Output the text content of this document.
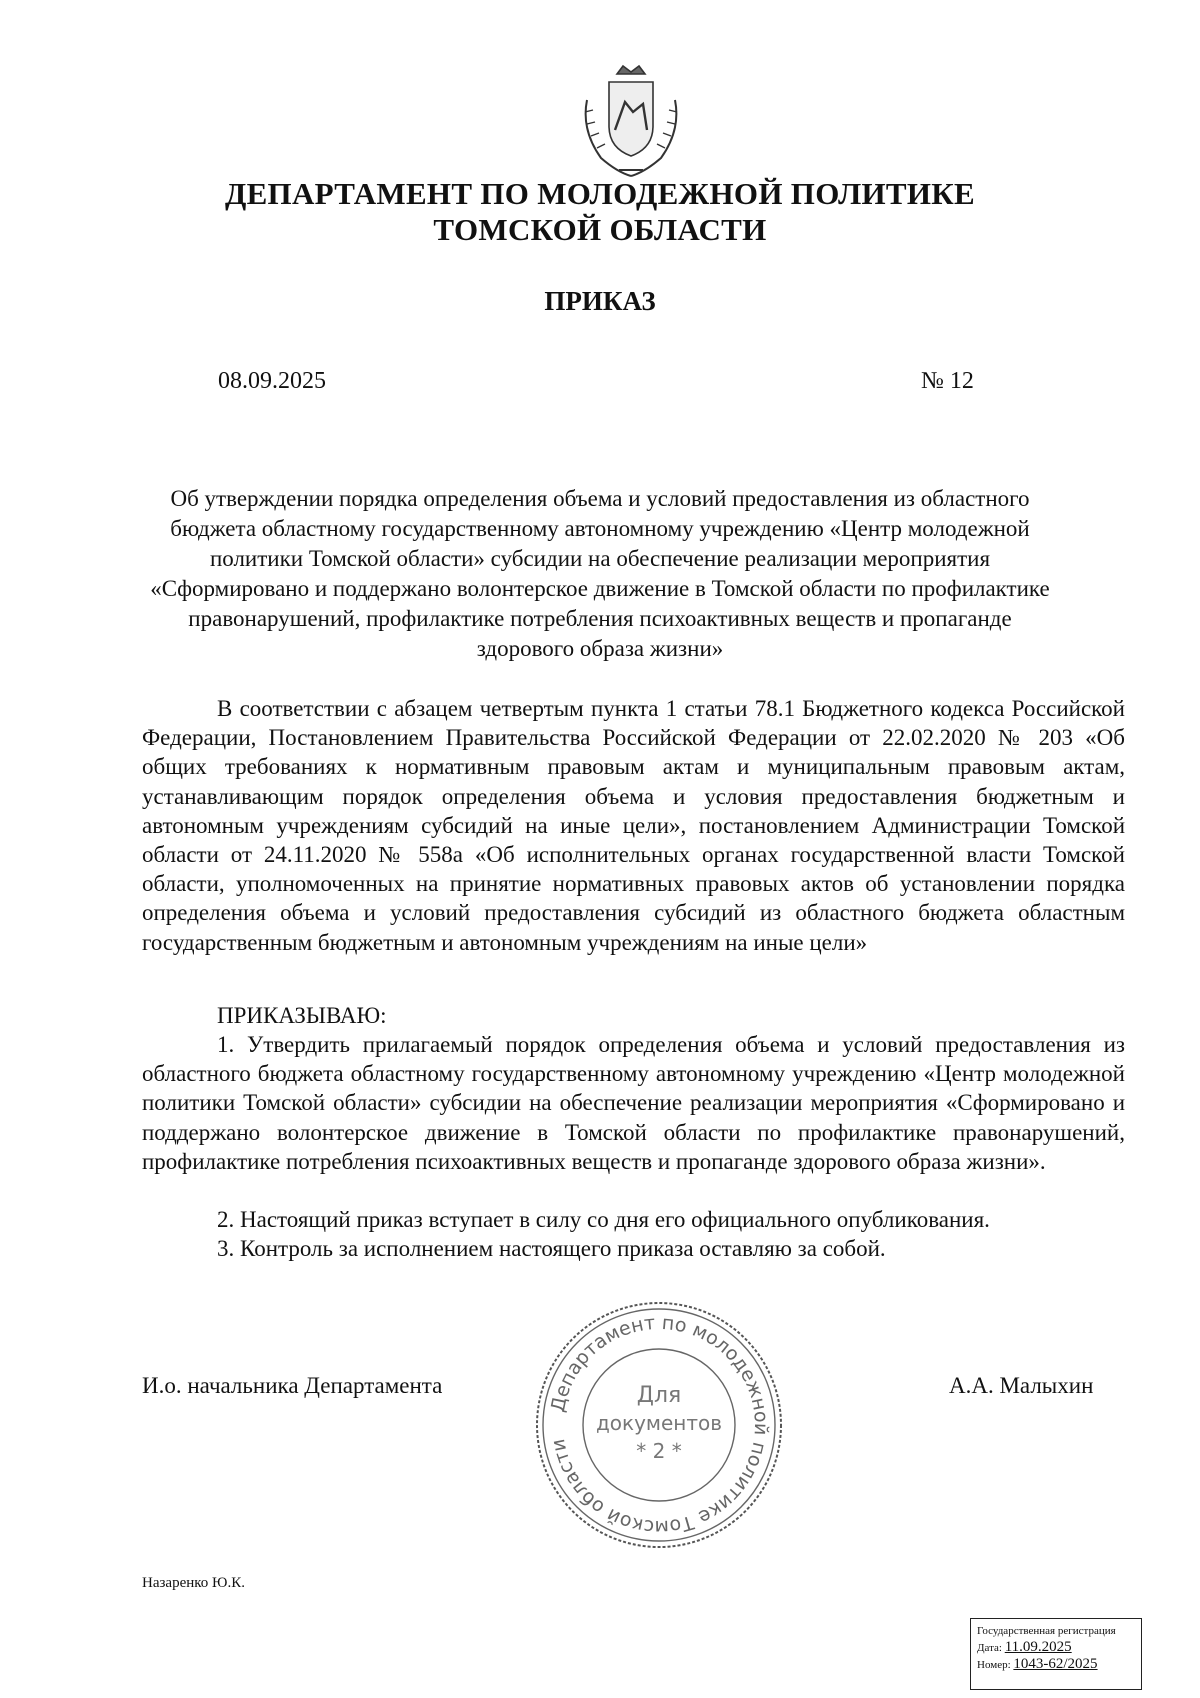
ДЕПАРТАМЕНТ ПО МОЛОДЕЖНОЙ ПОЛИТИКЕ
ТОМСКОЙ ОБЛАСТИ
ПРИКАЗ
08.09.2025	№ 12
Об утверждении порядка определения объема и условий предоставления из областного бюджета областному государственному автономному учреждению «Центр молодежной политики Томской области» субсидии на обеспечение реализации мероприятия «Сформировано и поддержано волонтерское движение в Томской области по профилактике правонарушений, профилактике потребления психоактивных веществ и пропаганде здорового образа жизни»
В соответствии с абзацем четвертым пункта 1 статьи 78.1 Бюджетного кодекса Российской Федерации, Постановлением Правительства Российской Федерации от 22.02.2020 № 203 «Об общих требованиях к нормативным правовым актам и муниципальным правовым актам, устанавливающим порядок определения объема и условия предоставления бюджетным и автономным учреждениям субсидий на иные цели», постановлением Администрации Томской области от 24.11.2020 № 558а «Об исполнительных органах государственной власти Томской области, уполномоченных на принятие нормативных правовых актов об установлении порядка определения объема и условий предоставления субсидий из областного бюджета областным государственным бюджетным и автономным учреждениям на иные цели»
ПРИКАЗЫВАЮ:
1. Утвердить прилагаемый порядок определения объема и условий предоставления из областного бюджета областному государственному автономному учреждению «Центр молодежной политики Томской области» субсидии на обеспечение реализации мероприятия «Сформировано и поддержано волонтерское движение в Томской области по профилактике правонарушений, профилактике потребления психоактивных веществ и пропаганде здорового образа жизни».
2. Настоящий приказ вступает в силу со дня его официального опубликования.
3. Контроль за исполнением настоящего приказа оставляю за собой.
И.о. начальника Департамента	А.А. Малыхин
Департамент по молодежной политике Томской области
Для
документов
* 2 *
Назаренко Ю.К.
Государственная регистрация
Дата: 11.09.2025
Номер: 1043-62/2025
